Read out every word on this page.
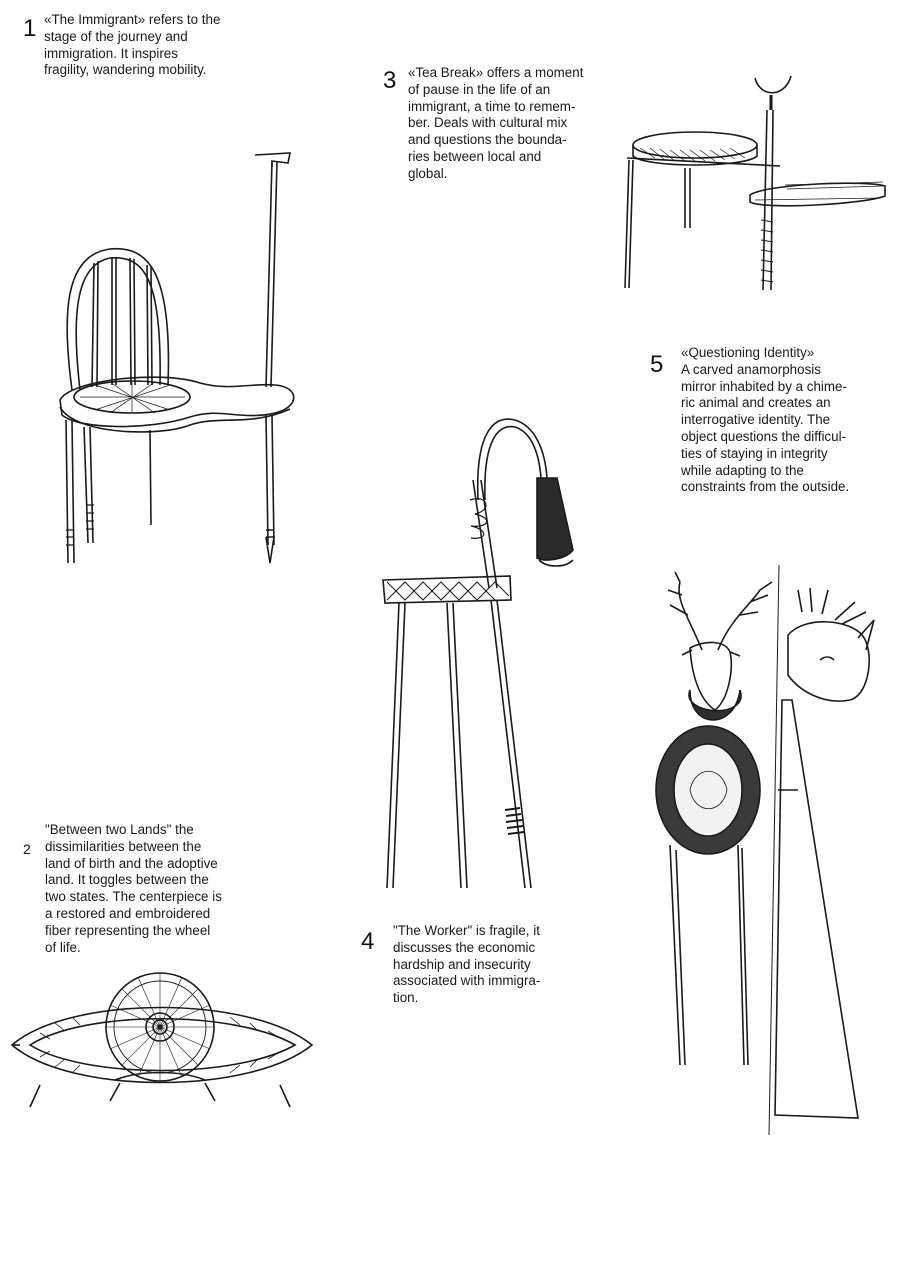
1 «The Immigrant» refers to the
stage of the journey and
immigration. It inspires
fragility, wandering mobility.	3 «Tea Break» offers a moment
of pause in the life of an
immigrant, a time to remem-
ber. Deals with cultural mix
and questions the bounda-
ries between local and
global.

5 «Questioning Identity»
A carved anamorphosis
mirror inhabited by a chime-
ric animal and creates an
interrogative identity. The
object questions the difficul-
ties of staying in integrity
while adapting to the
constraints from the outside.

2

"Between two Lands" the
dissimilarities between the
land of birth and the adoptive
land. It toggles between the
two states. The centerpiece is
a restored and embroidered
fiber representing the wheel
of life.	4 "The Worker" is fragile, it
discusses the economic
hardship and insecurity
associated with immigra-
tion.
